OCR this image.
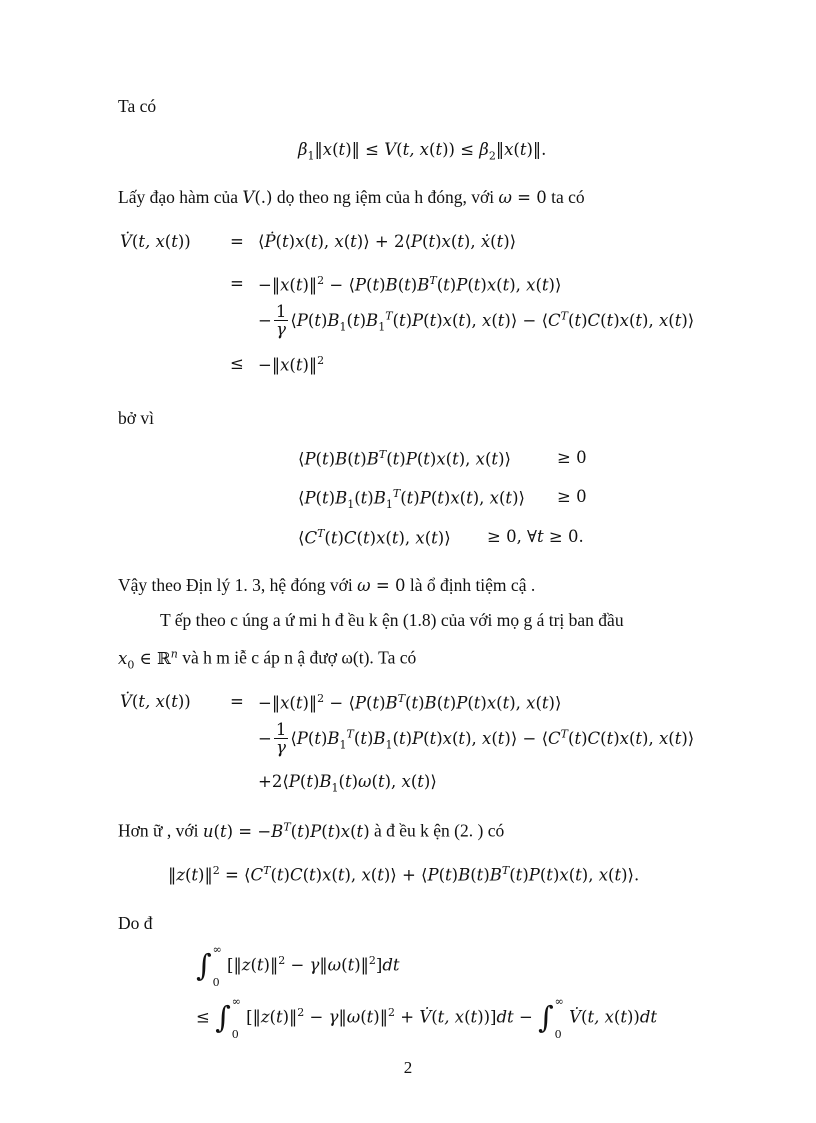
Ta có
$\beta_1‖x(t)‖ \le V(t$, $x(t)) \le \beta_2‖x(t)‖$.
Lấy đạo hàm của V(.) dọ theo ng iệm của h đóng, với ω = 0 ta có
V̇(t, x(t)) = ⟨Ṗ(t)x(t), x(t)⟩ + 2⟨P(t)x(t), ẋ(t)⟩
= −‖x(t)‖$^2$ − $⟨P(t)B(t)B^T(t)P(t)x(t)$, x(t)⟩
− $\frac{1}{\gamma}$ $⟨P(t)B_1(t)B_1^T(t)P(t)x(t)$, x(t)⟩ − $⟨C^T(t)C(t)x(t)$, x(t)⟩
≤ −‖x(t)‖$^2$
bở vì
$⟨P(t)B(t)B^T(t)P(t)x(t)$, x(t)⟩	≥ 0
$⟨P(t)B_1(t)B_1^T(t)P(t)x(t)$, x(t)⟩ ≥ 0
$⟨C^T(t)C(t)x(t)$, x(t)⟩ ≥ 0, ∀t ≥ 0.
Vậy theo Địn lý 1. 3, hệ đóng với ω = 0 là ổ định tiệm cậ .
T ếp theo c úng a ứ mi h đ ều k ện (1.8) của với mọ g á trị ban đầu
$x_0$ ∈ ℝ$^n$ và h m iễ c áp n ậ đượ ω(t). Ta có
V̇(t, x(t)) = −‖x(t)‖$^2$ − $⟨P(t)B^T(t)B(t)P(t)x(t)$, x(t)⟩
− $\frac{1}{\gamma}$ $⟨P(t)B_1^T(t)B_1(t)P(t)x(t)$, x(t)⟩ − $⟨C^T(t)C(t)x(t)$, x(t)⟩
$+2⟨P(t)B_1(t)\omega(t)$, x(t)⟩
Hơn ữ , với $u(t) = -B^T(t)P(t)x(t)$ à đ ều k ện (2. ) có
‖z(t)‖$^2$ = $⟨C^T(t)C(t)x(t)$, x(t)⟩ + $⟨P(t)B(t)B^T(t)P(t)x(t)$, x(t)⟩.
Do đ
∫ ∞
0
[‖z(t)‖$^2$ − γ‖ω(t)‖$^2$]dt
≤ ∫ ∞
0
[‖z(t)‖$^2$ − γ‖ω(t)‖$^2$ + V̇(t, x(t))]dt − ∫ ∞
0
V̇(t, x(t))dt
2
